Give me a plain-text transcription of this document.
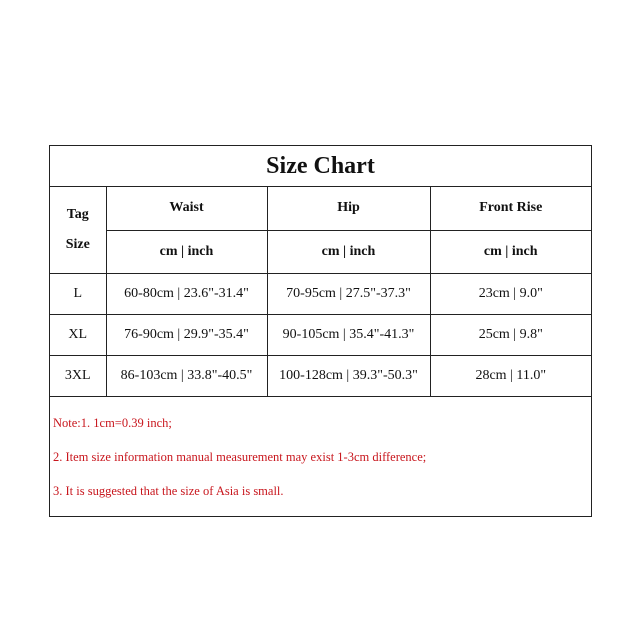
Size Chart
Tag
Size	Waist	Hip	Front Rise
	cm | inch	cm | inch	cm | inch
L	60-80cm | 23.6"-31.4"	70-95cm | 27.5"-37.3"	23cm | 9.0"
XL	76-90cm | 29.9"-35.4"	90-105cm | 35.4"-41.3"	25cm | 9.8"
3XL	86-103cm | 33.8"-40.5"	100-128cm | 39.3"-50.3"	28cm | 11.0"
Note:1. 1cm=0.39 inch;
2. Item size information manual measurement may exist 1-3cm difference;
3. It is suggested that the size of Asia is small.
